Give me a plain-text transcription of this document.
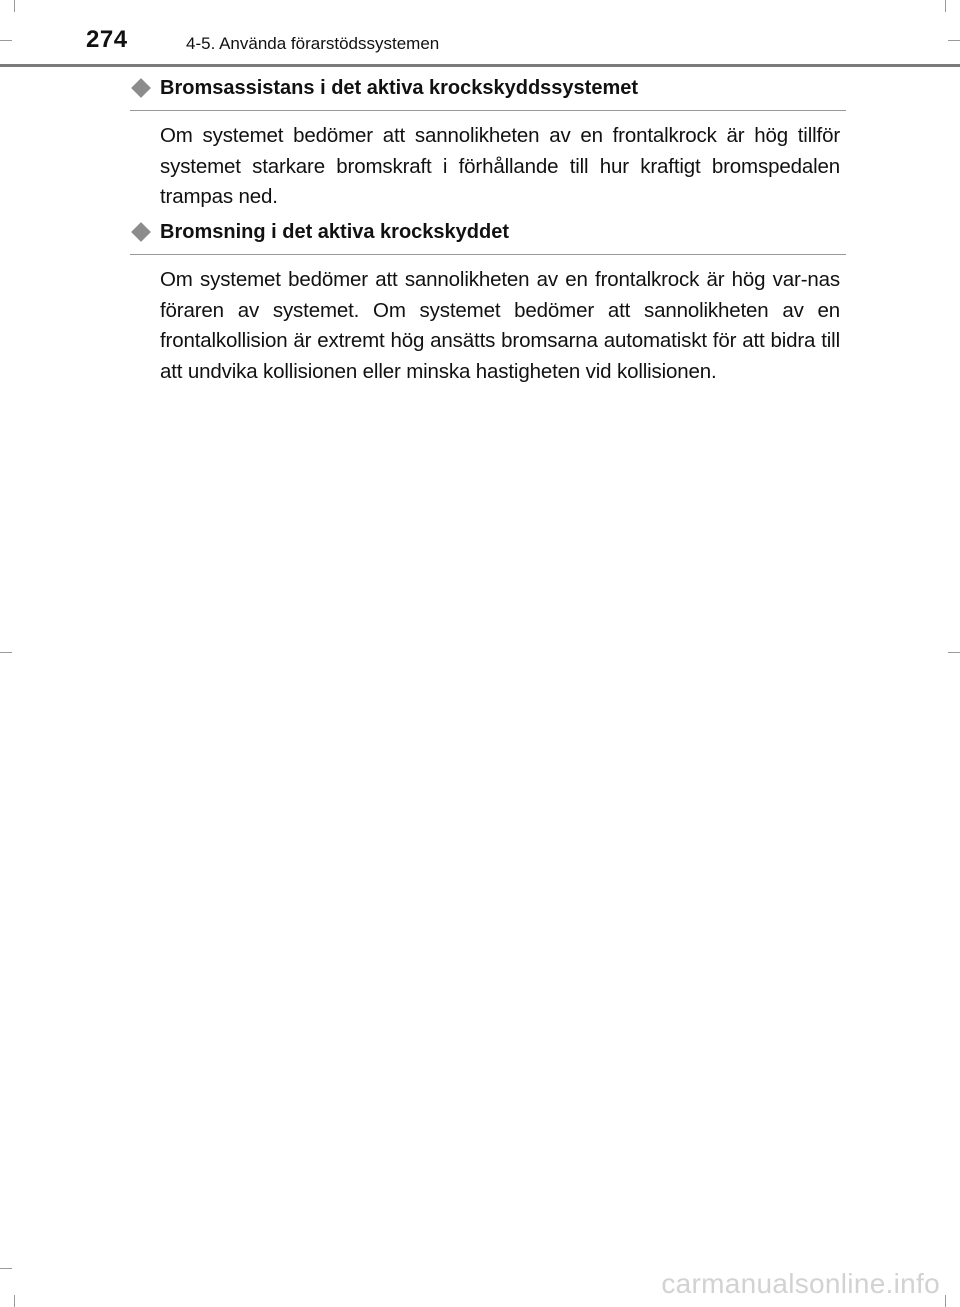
274	4-5. Använda förarstödssystemen
Bromsassistans i det aktiva krockskyddssystemet

Om systemet bedömer att sannolikheten av en frontalkrock är hög tillför systemet starkare bromskraft i förhållande till hur kraftigt bromspedalen trampas ned.

Bromsning i det aktiva krockskyddet

Om systemet bedömer att sannolikheten av en frontalkrock är hög var-nas föraren av systemet. Om systemet bedömer att sannolikheten av en frontalkollision är extremt hög ansätts bromsarna automatiskt för att bidra till att undvika kollisionen eller minska hastigheten vid kollisionen.

carmanualsonline.info
